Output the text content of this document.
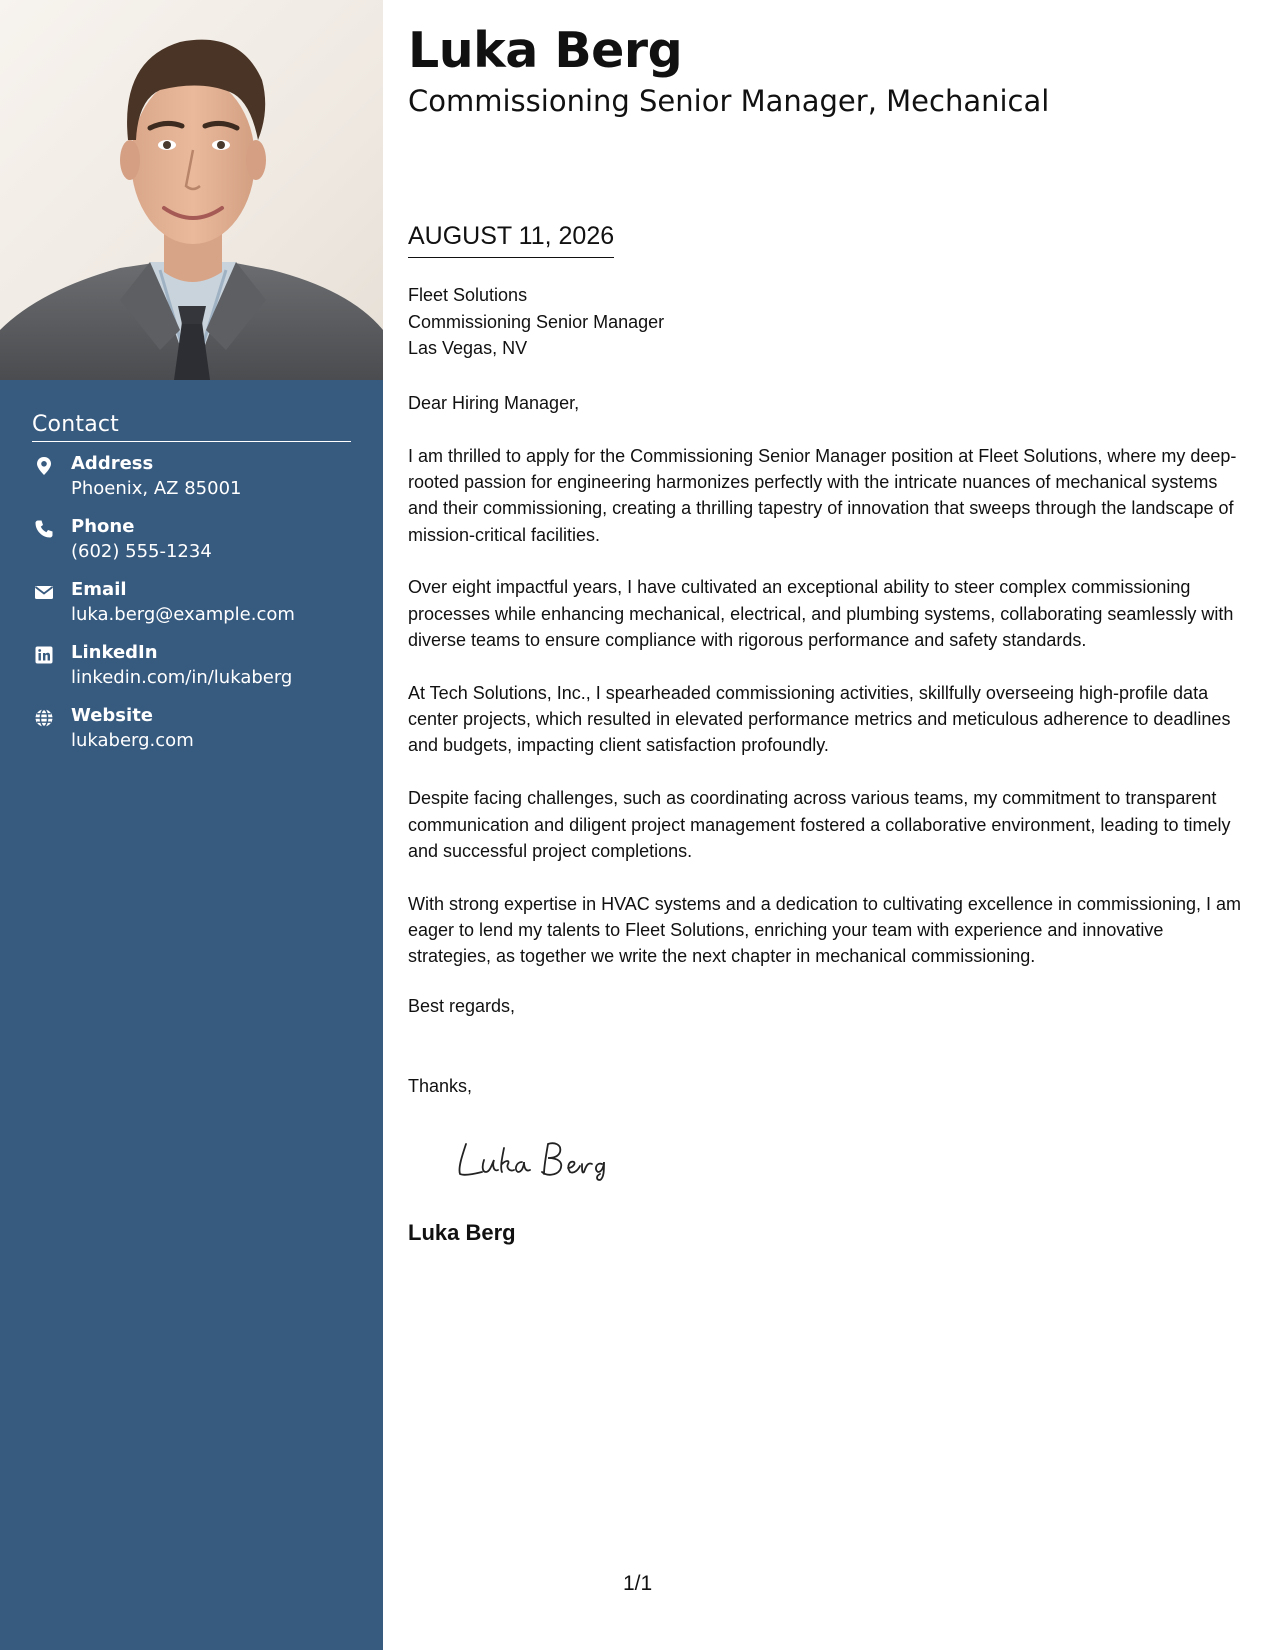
Contact
Address
Phoenix, AZ 85001
Phone
(602) 555-1234
Email
luka.berg@example.com
LinkedIn
linkedin.com/in/lukaberg
Website
lukaberg.com
Luka Berg
Commissioning Senior Manager, Mechanical
AUGUST 11, 2026
Fleet Solutions
Commissioning Senior Manager
Las Vegas, NV

Dear Hiring Manager,

I am thrilled to apply for the Commissioning Senior Manager position at Fleet Solutions, where my deep-rooted passion for engineering harmonizes perfectly with the intricate nuances of mechanical systems and their commissioning, creating a thrilling tapestry of innovation that sweeps through the landscape of mission-critical facilities.

Over eight impactful years, I have cultivated an exceptional ability to steer complex commissioning processes while enhancing mechanical, electrical, and plumbing systems, collaborating seamlessly with diverse teams to ensure compliance with rigorous performance and safety standards.

At Tech Solutions, Inc., I spearheaded commissioning activities, skillfully overseeing high-profile data center projects, which resulted in elevated performance metrics and meticulous adherence to deadlines and budgets, impacting client satisfaction profoundly.

Despite facing challenges, such as coordinating across various teams, my commitment to transparent communication and diligent project management fostered a collaborative environment, leading to timely and successful project completions.

With strong expertise in HVAC systems and a dedication to cultivating excellence in commissioning, I am eager to lend my talents to Fleet Solutions, enriching your team with experience and innovative strategies, as together we write the next chapter in mechanical commissioning.

Best regards,
Thanks,
Luka Berg
1/1
